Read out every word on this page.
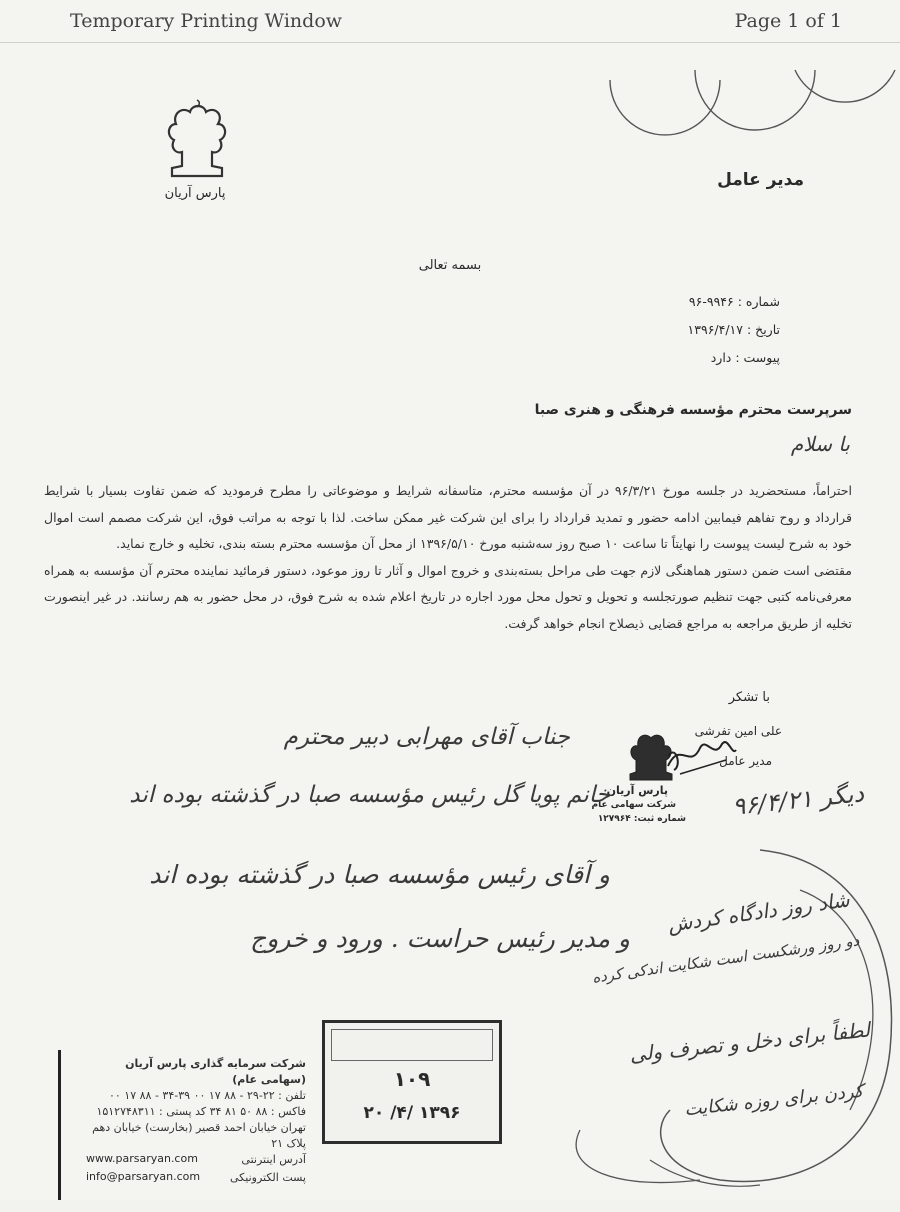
Temporary Printing Window	Page 1 of 1
پارس آریان
مدیر عامل
بسمه تعالی
شماره : ۹۹۴۶-۹۶
تاریخ : ۱۳۹۶/۴/۱۷
پیوست : دارد
سرپرست محترم مؤسسه فرهنگی و هنری صبا
با سلام

احتراماً، مستحضرید در جلسه مورخ ۹۶/۳/۲۱ در آن مؤسسه محترم، متاسفانه شرایط و موضوعاتی را مطرح فرمودید که ضمن تفاوت بسیار با شرایط قرارداد و روح تفاهم فیمابین ادامه حضور و تمدید قرارداد را برای این شرکت غیر ممکن ساخت. لذا با توجه به مراتب فوق، این شرکت مصمم است اموال خود به شرح لیست پیوست را نهایتاً تا ساعت ۱۰ صبح روز سه‌شنبه مورخ ۱۳۹۶/۵/۱۰ از محل آن مؤسسه محترم بسته بندی، تخلیه و خارج نماید.

مقتضی است ضمن دستور هماهنگی لازم جهت طی مراحل بسته‌بندی و خروج اموال و آثار تا روز موعود، دستور فرمائید نماینده محترم آن مؤسسه به همراه معرفی‌نامه کتبی جهت تنظیم صورتجلسه و تحویل و تحول محل مورد اجاره در تاریخ اعلام شده به شرح فوق، در محل حضور به هم رسانند. در غیر اینصورت تخلیه از طریق مراجعه به مراجع قضایی ذیصلاح انجام خواهد گرفت.

با تشکر
علی امین تفرشی
مدیر عامل
پارس آریان
شرکت سهامی عام
شماره ثبت: ۱۲۷۹۶۴
جناب آقای مهرابی دبیر محترم
خانم پویا گل رئیس مؤسسه صبا در گذشته بوده اند
و آقای رئیس مؤسسه صبا در گذشته بوده اند
و مدیر رئیس حراست . ورود و خروج
دیگر ۹۶/۴/۲۱
شاد روز دادگاه کردش
دو روز ورشکست است شکایت اندکی کرده
لطفاً برای دخل و تصرف ولی
کردن برای روزه شکایت
۱۰۹
۱۳۹۶ /۴/ ۲۰
شرکت سرمایه گذاری پارس آریان (سهامی عام)
تلفن : ۲۲-۲۹ - ۸۸ ۱۷ ۰۰ ۳۹-۳۴ - ۸۸ ۱۷ ۰۰
فاکس : ۸۸ ۵۰ ۸۱ ۳۴ کد پستی : ۱۵۱۲۷۴۸۳۱۱
تهران خیابان احمد قصیر (بخارست) خیابان دهم پلاک ۲۱
آدرس اینترنتی
www.parsaryan.com
پست الکترونیکی
info@parsaryan.com
